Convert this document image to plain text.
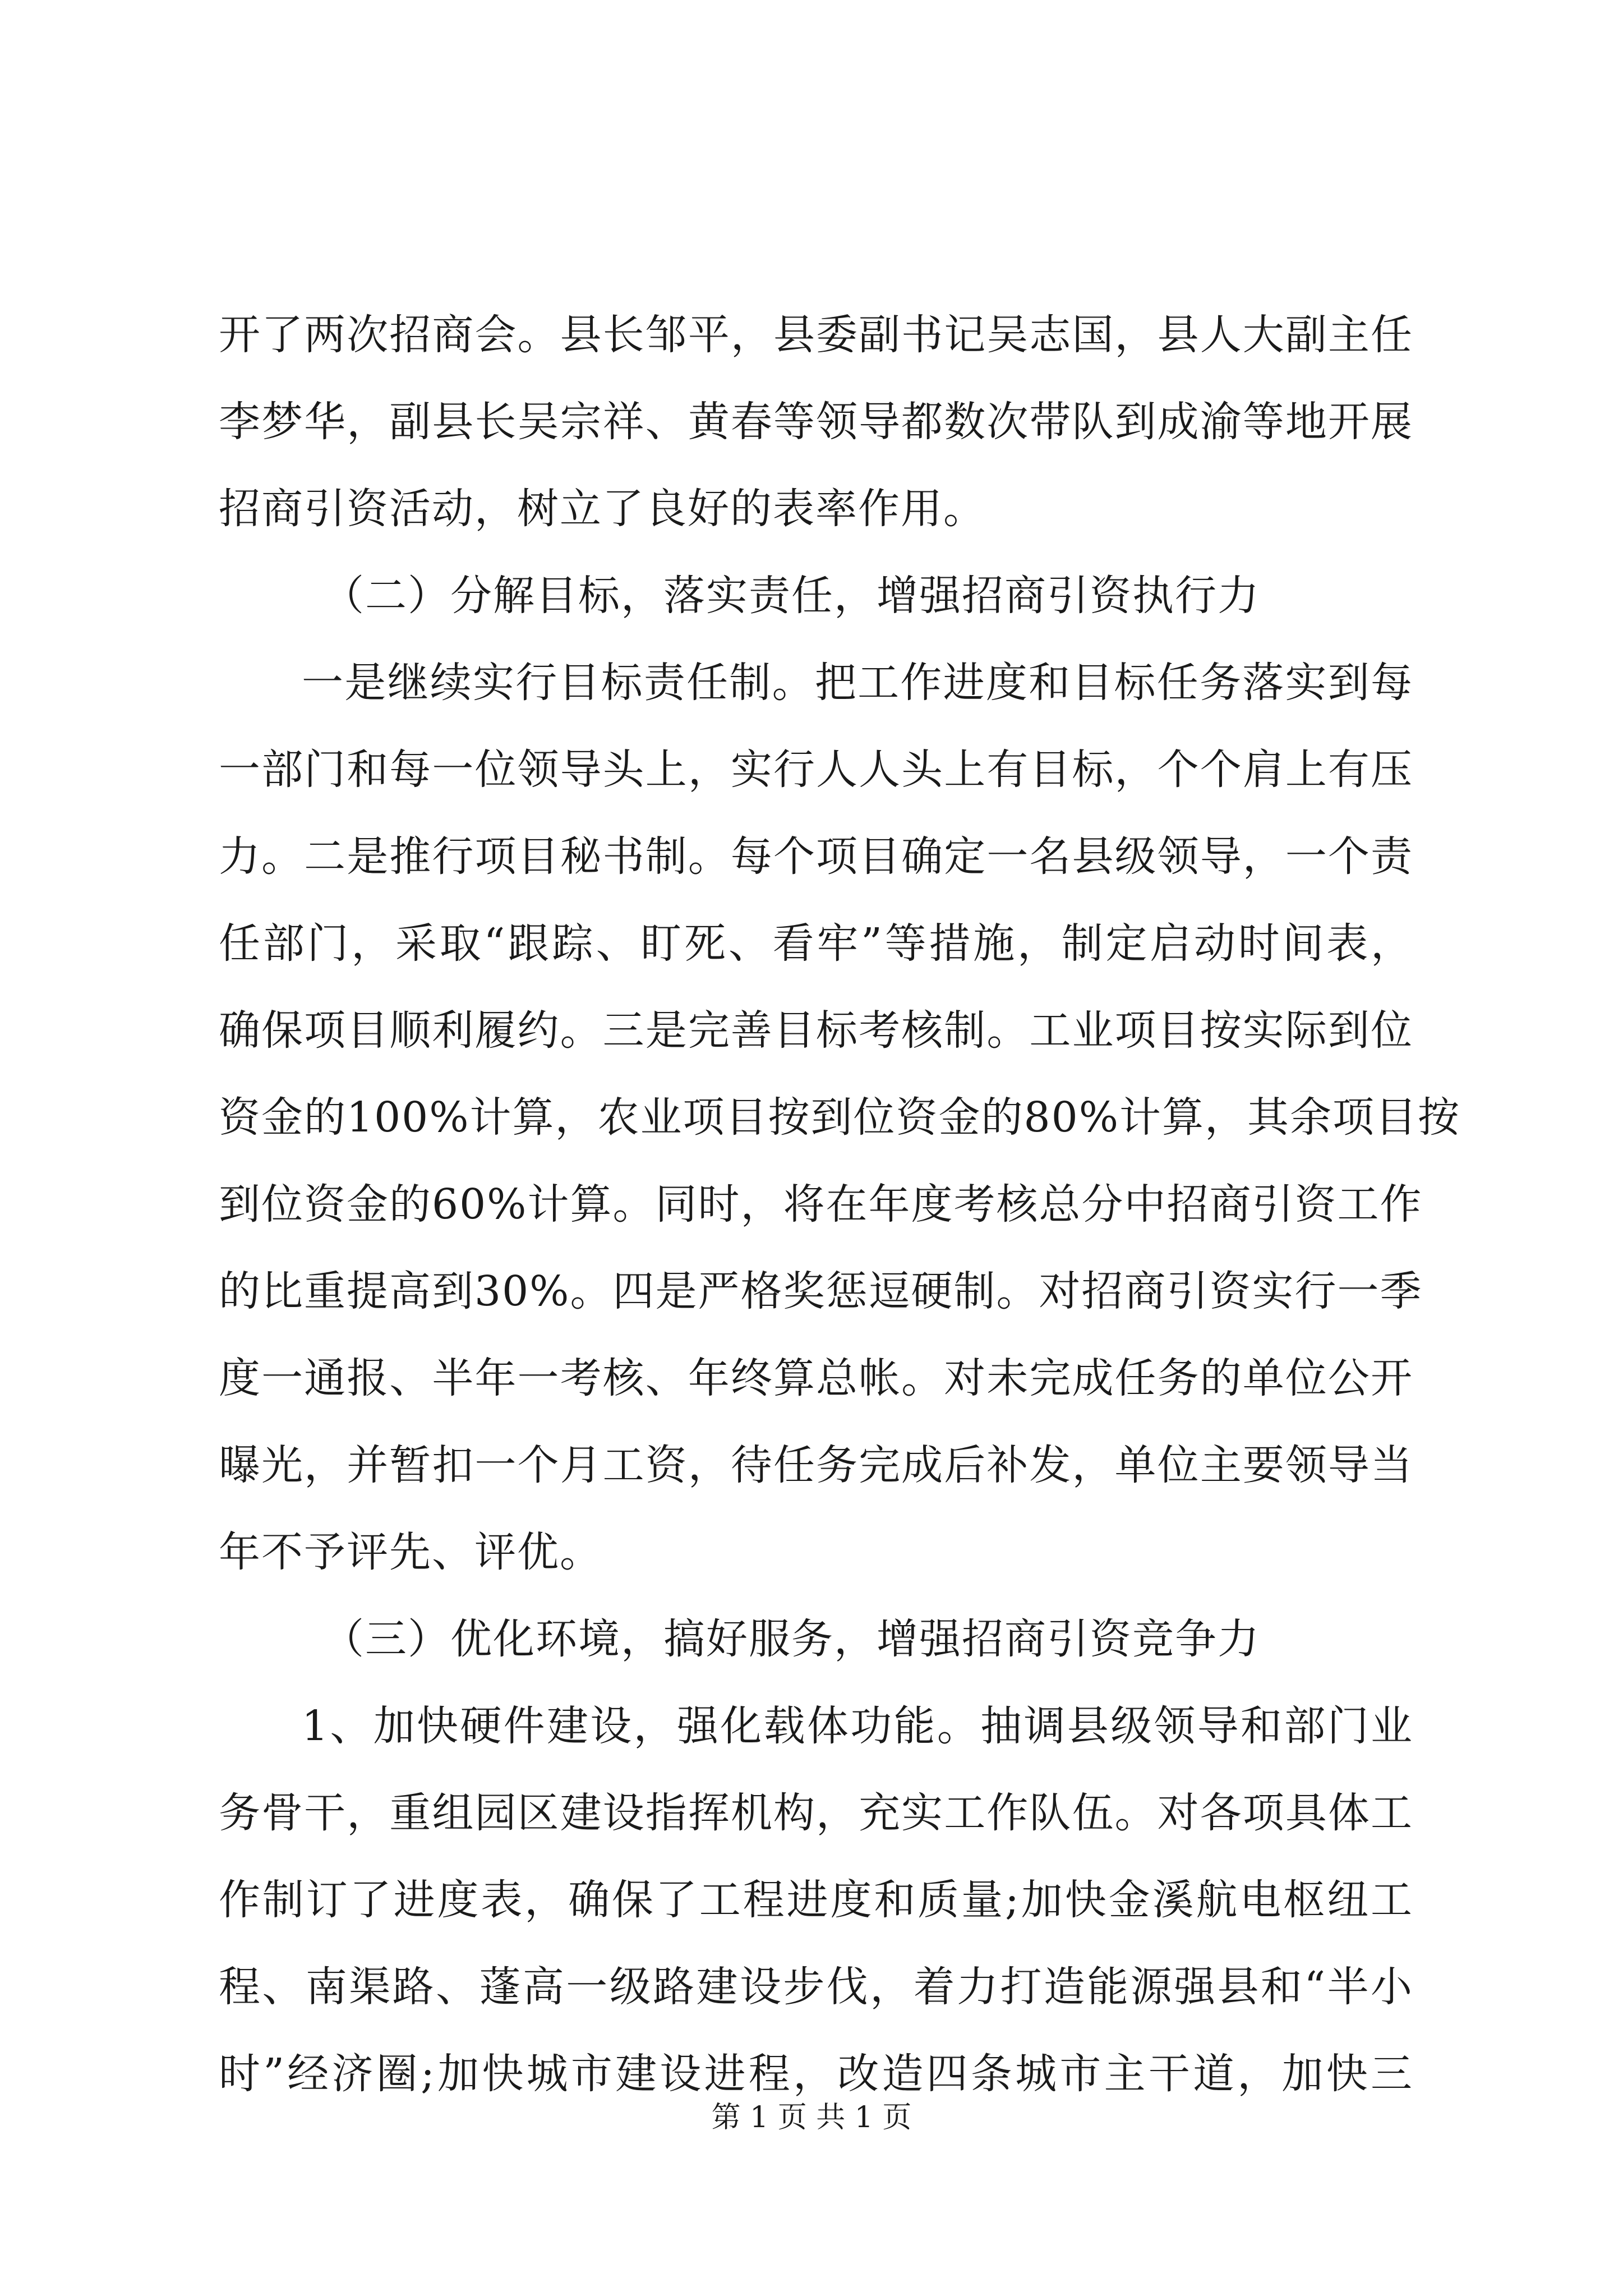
开了两次招商会。县长邹平，县委副书记吴志国，县人大副主任
李梦华，副县长吴宗祥、黄春等领导都数次带队到成渝等地开展
招商引资活动，树立了良好的表率作用。
（二）分解目标，落实责任，增强招商引资执行力
一是继续实行目标责任制。把工作进度和目标任务落实到每
一部门和每一位领导头上，实行人人头上有目标，个个肩上有压
力。二是推行项目秘书制。每个项目确定一名县级领导，一个责
任部门，采取“跟踪、盯死、看牢”等措施，制定启动时间表，
确保项目顺利履约。三是完善目标考核制。工业项目按实际到位
资金的100%计算，农业项目按到位资金的80%计算，其余项目按
到位资金的60%计算。同时，将在年度考核总分中招商引资工作
的比重提高到30%。四是严格奖惩逗硬制。对招商引资实行一季
度一通报、半年一考核、年终算总帐。对未完成任务的单位公开
曝光，并暂扣一个月工资，待任务完成后补发，单位主要领导当
年不予评先、评优。
（三）优化环境，搞好服务，增强招商引资竞争力
1、加快硬件建设，强化载体功能。抽调县级领导和部门业
务骨干，重组园区建设指挥机构，充实工作队伍。对各项具体工
作制订了进度表，确保了工程进度和质量;加快金溪航电枢纽工
程、南渠路、蓬高一级路建设步伐，着力打造能源强县和“半小
时”经济圈;加快城市建设进程，改造四条城市主干道，加快三
第 1 页 共 1 页
